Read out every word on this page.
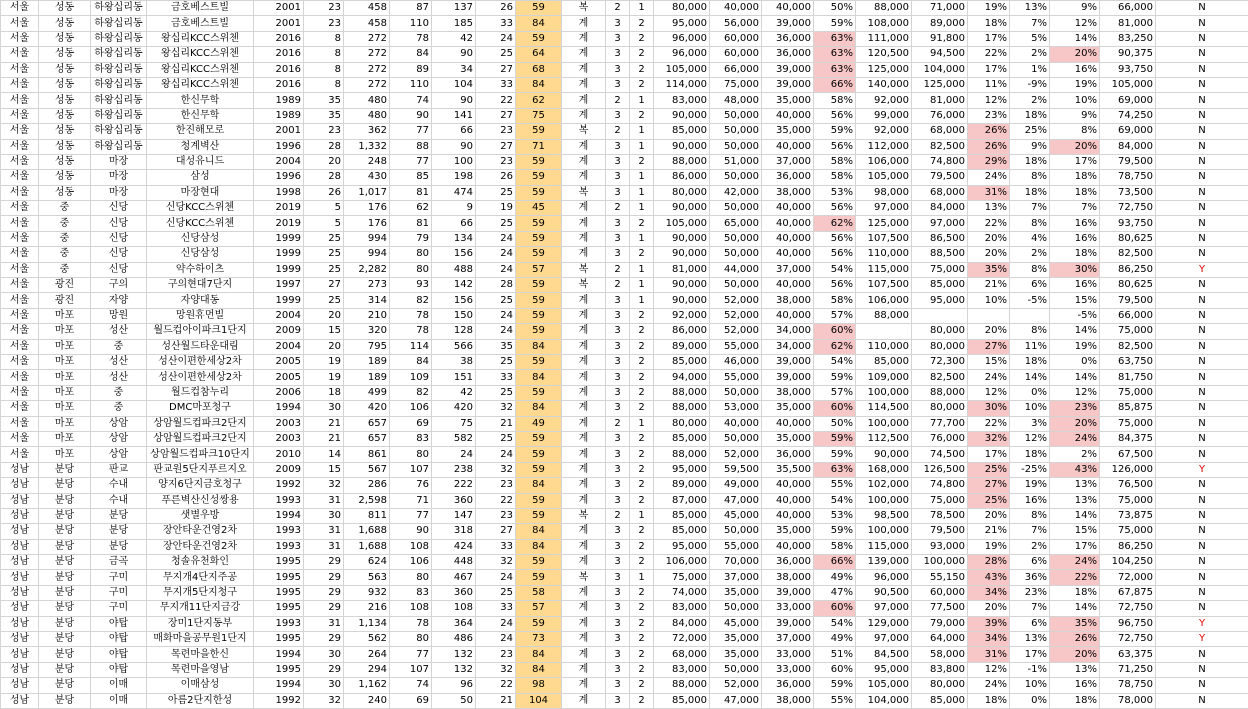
서울	성동	하왕십리동	금호베스트빌	2001	23	458	87	137	26	59	복	2	1	80,000	40,000	40,000	50%	88,000	71,000	19%	13%	9%	66,000	N
서울	성동	하왕십리동	금호베스트빌	2001	23	458	110	185	33	84	계	3	2	95,000	56,000	39,000	59%	108,000	89,000	18%	7%	12%	81,000	N
서울	성동	하왕십리동	왕십리KCC스위첸	2016	8	272	78	42	24	59	계	3	2	96,000	60,000	36,000	63%	111,000	91,800	17%	5%	14%	83,250	N
서울	성동	하왕십리동	왕십리KCC스위첸	2016	8	272	84	90	25	64	계	3	2	96,000	60,000	36,000	63%	120,500	94,500	22%	2%	20%	90,375	N
서울	성동	하왕십리동	왕십리KCC스위첸	2016	8	272	89	34	27	68	계	3	2	105,000	66,000	39,000	63%	125,000	104,000	17%	1%	16%	93,750	N
서울	성동	하왕십리동	왕십리KCC스위첸	2016	8	272	110	104	33	84	계	3	2	114,000	75,000	39,000	66%	140,000	125,000	11%	-9%	19%	105,000	N
서울	성동	하왕십리동	한신무학	1989	35	480	74	90	22	62	계	2	1	83,000	48,000	35,000	58%	92,000	81,000	12%	2%	10%	69,000	N
서울	성동	하왕십리동	한신무학	1989	35	480	90	141	27	75	계	3	2	90,000	50,000	40,000	56%	99,000	76,000	23%	18%	9%	74,250	N
서울	성동	하왕십리동	한진해모로	2001	23	362	77	66	23	59	복	2	1	85,000	50,000	35,000	59%	92,000	68,000	26%	25%	8%	69,000	N
서울	성동	하왕십리동	청계벽산	1996	28	1,332	88	90	27	71	계	3	1	90,000	50,000	40,000	56%	112,000	82,500	26%	9%	20%	84,000	N
서울	성동	마장	대성유니드	2004	20	248	77	100	23	59	계	3	2	88,000	51,000	37,000	58%	106,000	74,800	29%	18%	17%	79,500	N
서울	성동	마장	삼성	1996	28	430	85	198	26	59	계	3	1	86,000	50,000	36,000	58%	105,000	79,500	24%	8%	18%	78,750	N
서울	성동	마장	마장현대	1998	26	1,017	81	474	25	59	복	3	1	80,000	42,000	38,000	53%	98,000	68,000	31%	18%	18%	73,500	N
서울	중	신당	신당KCC스위첸	2019	5	176	62	9	19	45	계	2	1	90,000	50,000	40,000	56%	97,000	84,000	13%	7%	7%	72,750	N
서울	중	신당	신당KCC스위첸	2019	5	176	81	66	25	59	계	3	2	105,000	65,000	40,000	62%	125,000	97,000	22%	8%	16%	93,750	N
서울	중	신당	신당삼성	1999	25	994	79	134	24	59	계	3	1	90,000	50,000	40,000	56%	107,500	86,500	20%	4%	16%	80,625	N
서울	중	신당	신당삼성	1999	25	994	80	156	24	59	계	3	2	90,000	50,000	40,000	56%	110,000	88,500	20%	2%	18%	82,500	N
서울	중	신당	약수하이츠	1999	25	2,282	80	488	24	57	복	2	1	81,000	44,000	37,000	54%	115,000	75,000	35%	8%	30%	86,250	Y
서울	광진	구의	구의현대7단지	1997	27	273	93	142	28	59	복	2	1	90,000	50,000	40,000	56%	107,500	85,000	21%	6%	16%	80,625	N
서울	광진	자양	자양대동	1999	25	314	82	156	25	59	계	3	1	90,000	52,000	38,000	58%	106,000	95,000	10%	-5%	15%	79,500	N
서울	마포	망원	망원휴먼빌	2004	20	210	78	150	24	59	계	3	2	92,000	52,000	40,000	57%	88,000				-5%	66,000	N
서울	마포	성산	월드컵아이파크1단지	2009	15	320	78	128	24	59	계	3	2	86,000	52,000	34,000	60%		80,000	20%	8%	14%	75,000	N
서울	마포	중	성산월드타운대림	2004	20	795	114	566	35	84	계	3	2	89,000	55,000	34,000	62%	110,000	80,000	27%	11%	19%	82,500	N
서울	마포	성산	성산이편한세상2차	2005	19	189	84	38	25	59	계	3	2	85,000	46,000	39,000	54%	85,000	72,300	15%	18%	0%	63,750	N
서울	마포	성산	성산이편한세상2차	2005	19	189	109	151	33	84	계	3	2	94,000	55,000	39,000	59%	109,000	82,500	24%	14%	14%	81,750	N
서울	마포	중	월드컵참누리	2006	18	499	82	42	25	59	계	3	2	88,000	50,000	38,000	57%	100,000	88,000	12%	0%	12%	75,000	N
서울	마포	중	DMC마포청구	1994	30	420	106	420	32	84	계	3	2	88,000	53,000	35,000	60%	114,500	80,000	30%	10%	23%	85,875	N
서울	마포	상암	상암월드컵파크2단지	2003	21	657	69	75	21	49	계	2	1	80,000	40,000	40,000	50%	100,000	77,700	22%	3%	20%	75,000	N
서울	마포	상암	상암월드컵파크2단지	2003	21	657	83	582	25	59	계	3	2	85,000	50,000	35,000	59%	112,500	76,000	32%	12%	24%	84,375	N
서울	마포	상암	상암월드컵파크10단지	2010	14	861	80	24	24	59	계	3	2	88,000	52,000	36,000	59%	90,000	74,500	17%	18%	2%	67,500	N
성남	분당	판교	판교원5단지푸르지오	2009	15	567	107	238	32	59	계	3	2	95,000	59,500	35,500	63%	168,000	126,500	25%	-25%	43%	126,000	Y
성남	분당	수내	양지6단지금호청구	1992	32	286	76	222	23	84	계	3	2	89,000	49,000	40,000	55%	102,000	74,800	27%	19%	13%	76,500	N
성남	분당	수내	푸른벽산신성쌍용	1993	31	2,598	71	360	22	59	계	3	2	87,000	47,000	40,000	54%	100,000	75,000	25%	16%	13%	75,000	N
성남	분당	분당	샛별우방	1994	30	811	77	147	23	59	복	2	1	85,000	45,000	40,000	53%	98,500	78,500	20%	8%	14%	73,875	N
성남	분당	분당	장안타운건영2차	1993	31	1,688	90	318	27	84	계	3	2	85,000	50,000	35,000	59%	100,000	79,500	21%	7%	15%	75,000	N
성남	분당	분당	장안타운건영2차	1993	31	1,688	108	424	33	84	계	3	2	95,000	55,000	40,000	58%	115,000	93,000	19%	2%	17%	86,250	N
성남	분당	금곡	청솔유천화인	1995	29	624	106	448	32	59	계	3	2	106,000	70,000	36,000	66%	139,000	100,000	28%	6%	24%	104,250	N
성남	분당	구미	무지개4단지주공	1995	29	563	80	467	24	59	복	3	1	75,000	37,000	38,000	49%	96,000	55,150	43%	36%	22%	72,000	N
성남	분당	구미	무지개5단지청구	1995	29	932	83	360	25	58	계	3	2	74,000	35,000	39,000	47%	90,500	60,000	34%	23%	18%	67,875	N
성남	분당	구미	무지개11단지금강	1995	29	216	108	108	33	57	계	3	2	83,000	50,000	33,000	60%	97,000	77,500	20%	7%	14%	72,750	N
성남	분당	야탑	장미1단지동부	1993	31	1,134	78	364	24	59	계	3	2	84,000	45,000	39,000	54%	129,000	79,000	39%	6%	35%	96,750	Y
성남	분당	야탑	매화마을공무원1단지	1995	29	562	80	486	24	73	계	3	2	72,000	35,000	37,000	49%	97,000	64,000	34%	13%	26%	72,750	Y
성남	분당	야탑	목련마을한신	1994	30	264	77	132	23	84	계	3	2	68,000	35,000	33,000	51%	84,500	58,000	31%	17%	20%	63,375	N
성남	분당	야탑	목련마을영남	1995	29	294	107	132	32	84	계	3	2	83,000	50,000	33,000	60%	95,000	83,800	12%	-1%	13%	71,250	N
성남	분당	이매	이매삼성	1994	30	1,162	74	96	22	98	계	3	2	88,000	52,000	36,000	59%	105,000	80,000	24%	10%	16%	78,750	N
성남	분당	이매	아름2단지한성	1992	32	240	69	50	21	104	계	3	2	85,000	47,000	38,000	55%	104,000	85,000	18%	0%	18%	78,000	N
